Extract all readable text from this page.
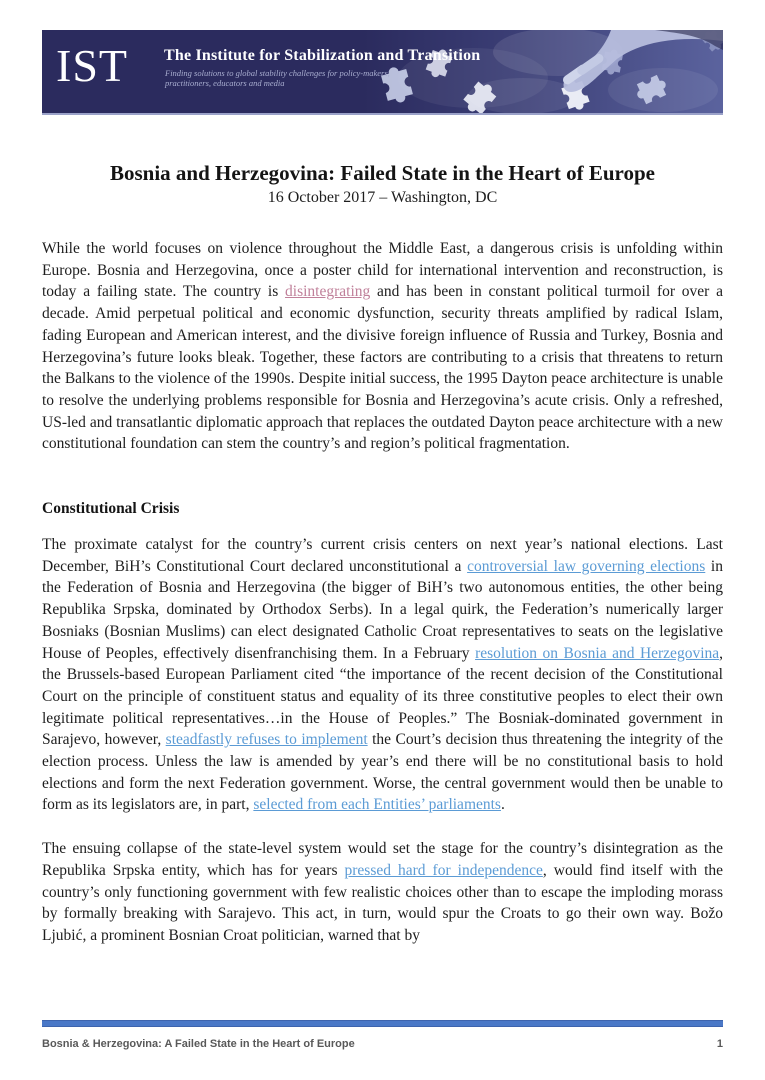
IST The Institute for Stabilization and Transition
Finding solutions to global stability challenges for policy-makers, practitioners, educators and media
Bosnia and Herzegovina: Failed State in the Heart of Europe
16 October 2017 – Washington, DC

While the world focuses on violence throughout the Middle East, a dangerous crisis is unfolding within Europe. Bosnia and Herzegovina, once a poster child for international intervention and reconstruction, is today a failing state. The country is disintegrating and has been in constant political turmoil for over a decade. Amid perpetual political and economic dysfunction, security threats amplified by radical Islam, fading European and American interest, and the divisive foreign influence of Russia and Turkey, Bosnia and Herzegovina’s future looks bleak. Together, these factors are contributing to a crisis that threatens to return the Balkans to the violence of the 1990s. Despite initial success, the 1995 Dayton peace architecture is unable to resolve the underlying problems responsible for Bosnia and Herzegovina’s acute crisis. Only a refreshed, US-led and transatlantic diplomatic approach that replaces the outdated Dayton peace architecture with a new constitutional foundation can stem the country’s and region’s political fragmentation.

Constitutional Crisis

The proximate catalyst for the country’s current crisis centers on next year’s national elections. Last December, BiH’s Constitutional Court declared unconstitutional a controversial law governing elections in the Federation of Bosnia and Herzegovina (the bigger of BiH’s two autonomous entities, the other being Republika Srpska, dominated by Orthodox Serbs). In a legal quirk, the Federation’s numerically larger Bosniaks (Bosnian Muslims) can elect designated Catholic Croat representatives to seats on the legislative House of Peoples, effectively disenfranchising them. In a February resolution on Bosnia and Herzegovina, the Brussels-based European Parliament cited “the importance of the recent decision of the Constitutional Court on the principle of constituent status and equality of its three constitutive peoples to elect their own legitimate political representatives…in the House of Peoples.” The Bosniak-dominated government in Sarajevo, however, steadfastly refuses to implement the Court’s decision thus threatening the integrity of the election process. Unless the law is amended by year’s end there will be no constitutional basis to hold elections and form the next Federation government. Worse, the central government would then be unable to form as its legislators are, in part, selected from each Entities’ parliaments.

The ensuing collapse of the state-level system would set the stage for the country’s disintegration as the Republika Srpska entity, which has for years pressed hard for independence, would find itself with the country’s only functioning government with few realistic choices other than to escape the imploding morass by formally breaking with Sarajevo. This act, in turn, would spur the Croats to go their own way. Božo Ljubić, a prominent Bosnian Croat politician, warned that by

Bosnia & Herzegovina: A Failed State in the Heart of Europe	1
